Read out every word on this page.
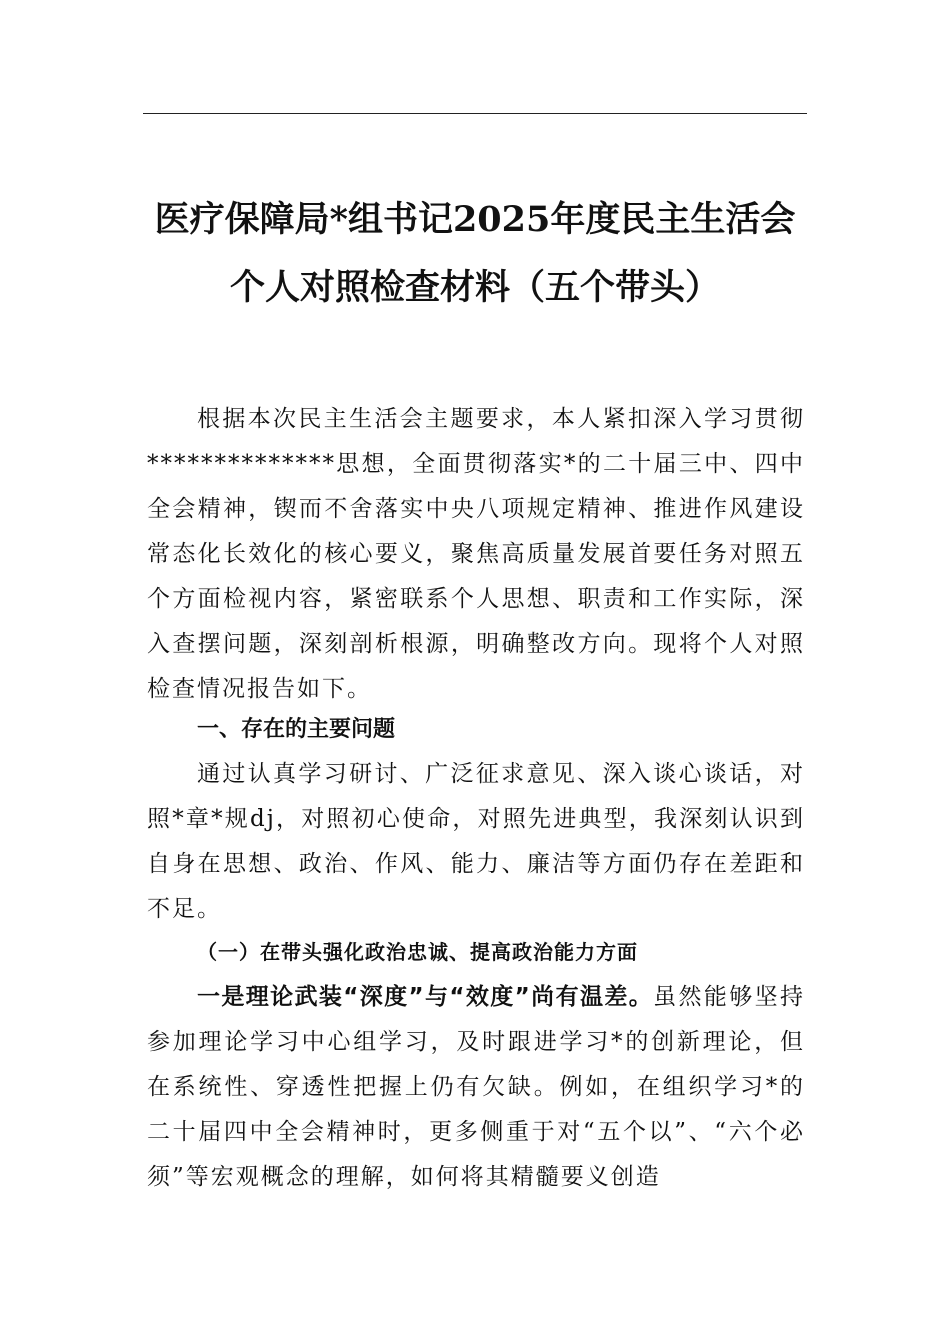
医疗保障局*组书记2025年度民主生活会
个人对照检查材料（五个带头）

根据本次民主生活会主题要求，本人紧扣深入学习贯彻**************思想，全面贯彻落实*的二十届三中、四中全会精神，锲而不舍落实中央八项规定精神、推进作风建设常态化长效化的核心要义，聚焦高质量发展首要任务对照五个方面检视内容，紧密联系个人思想、职责和工作实际，深入查摆问题，深刻剖析根源，明确整改方向。现将个人对照检查情况报告如下。

一、存在的主要问题

通过认真学习研讨、广泛征求意见、深入谈心谈话，对照*章*规dj，对照初心使命，对照先进典型，我深刻认识到自身在思想、政治、作风、能力、廉洁等方面仍存在差距和不足。

（一）在带头强化政治忠诚、提高政治能力方面

一是理论武装“深度”与“效度”尚有温差。虽然能够坚持参加理论学习中心组学习，及时跟进学习*的创新理论，但在系统性、穿透性把握上仍有欠缺。例如，在组织学习*的二十届四中全会精神时，更多侧重于对“五个以”、“六个必须”等宏观概念的理解，如何将其精髓要义创造
